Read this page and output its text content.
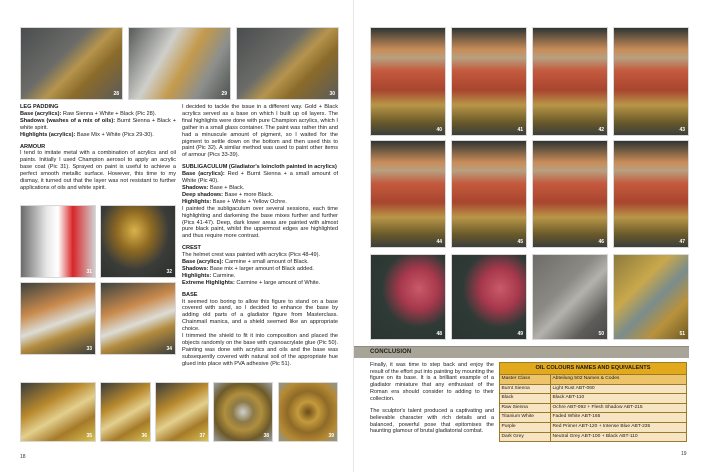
28	29	30

LEG PADDING

Base (acrylics): Raw Sienna + White + Black (Pic 28).

Shadows (washes of a mix of oils): Burnt Sienna + Black + white spirit.

Highlights (acrylics): Base Mix + White (Pics 29-30).

ARMOUR

I tend to imitate metal with a combination of acrylics and oil paints. Initially I used Champion aerosol to apply an acrylic base coat (Pic 31). Sprayed on paint is useful to achieve a perfect smooth metallic surface. However, this time to my dismay, it turned out that the layer was not resistant to further applications of oils and white spirit.

31	32
33	34

I decided to tackle the issue in a different way. Gold + Black acrylics served as a base on which I built up oil layers. The final highlights were done with pure Champion acrylics, which I gather in a small glass container. The paint was rather thin and had a minuscule amount of pigment, so I waited for the pigment to settle down on the bottom and then used this to paint (Pic 32). A similar method was used to paint other items of armour (Pics 33-39).

SUBLIGACULUM (Gladiator's loincloth painted in acrylics)

Base (acrylics): Red + Burnt Sienna + a small amount of White (Pic 40).

Shadows: Base + Black.

Deep shadows: Base + more Black.

Highlights: Base + White + Yellow Ochre.

I painted the subligaculum over several sessions, each time highlighting and darkening the base mixes further and further (Pics 41-47). Deep, dark lower areas are painted with almost pure black paint, whilst the uppermost edges are highlighted and thus require more contrast.

CREST

The helmet crest was painted with acrylics (Pics 48-49).

Base (acrylics): Carmine + small amount of Black.

Shadows: Base mix + larger amount of Black added.

Highlights: Carmine.

Extreme Highlights: Carmine + large amount of White.

BASE

It seemed too boring to allow this figure to stand on a base covered with sand, so I decided to enhance the base by adding old parts of a gladiator figure from Masterclass. Chainmail manica, and a shield seemed like an appropriate choice.

I trimmed the shield to fit it into composition and placed the objects randomly on the base with cyanoacrylate glue (Pic 50). Painting was done with acrylics and oils and the base was subsequently covered with natural soil of the appropriate hue glued into place with PVA adhesive (Pic 51).

35	36	37	38	39
18
40	41	42	43
44	45	46	47
48	49	50	51
CONCLUSION

Finally, it was time to step back and enjoy the result of the effort put into painting by mounting the figure on its base. It is a brilliant example of a gladiator miniature that any enthusiast of the Roman era should consider to adding to their collection.

The sculptor's talent produced a captivating and believable character with rich details and a balanced, powerful pose that epitomises the haunting glamour of brutal gladiatorial combat.

OIL COLOURS NAMES AND EQUIVALENTS	
Master Class	Abteilung 502 Names & Codes
Burnt Sienna	Light Rust ABT-060
Black	Black ABT-110
Raw Sienna	Ochre ABT-092 + Flesh Shadow ABT-215
Titanium White	Faded White ABT-165
Purple	Red Primer ABT-120 + Intense Blue ABT-235
Dark Grey	Neutral Grey ABT-100 + Black ABT-110
19
